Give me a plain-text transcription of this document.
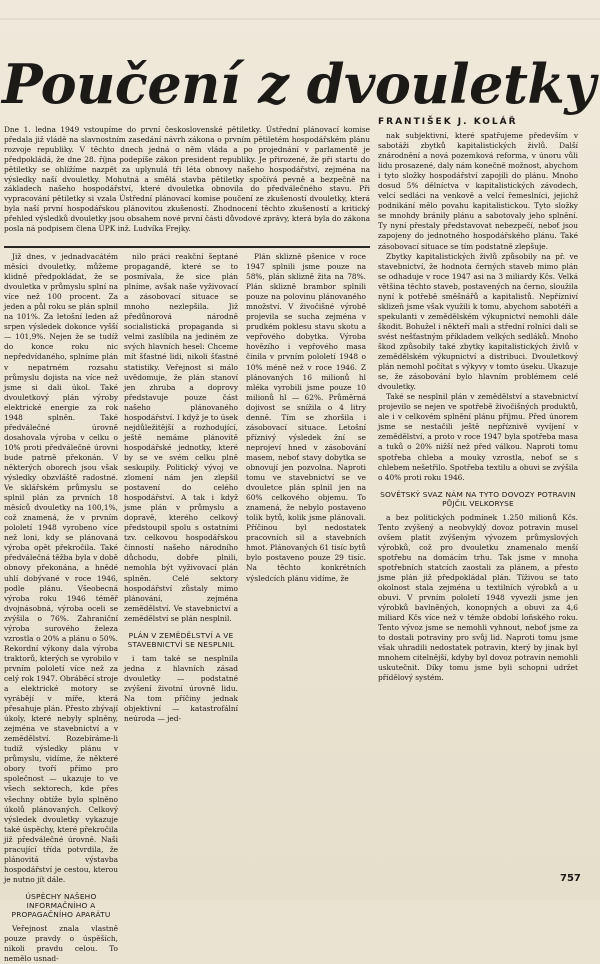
Poučení z dvouletky
Dne 1. ledna 1949 vstoupíme do první československé pětiletky. Ústřední plánovací komise předala již vládě na slavnostním zasedání návrh zákona o prvním pětiletém hospodářském plánu rozvoje republiky. V těchto dnech jedná o něm vláda a po projednání v parlamentě je předpokládá, že dne 28. října podepíše zákon president republiky. Je přirozené, že při startu do pětiletky se ohlížíme nazpět za uplynulá tři léta obnovy našeho hospodářství, zejména na výsledky naší dvouletky. Mohutná a smělá stavba pětiletky spočívá pevně a bezpečně na základech našeho hospodářství, které dvouletka obnovila do předválečného stavu. Při vypracování pětiletky si vzala Ústřední plánovací komise poučení ze zkušeností dvouletky, která byla naší první hospodářskou plánovitou zkušeností. Zhodnocení těchto zkušeností a kritický přehled výsledků dvouletky jsou obsahem nové první části důvodové zprávy, která byla do zákona posla ná podpisem člena ÚPK inž. Ludvíka Frejky.
FRANTIŠEK J. KOLÁŘ

Již dnes, v jednadvacátém měsíci dvouletky, můžeme klidně předpokládat, že se dvouletka v průmyslu splní na více než 100 procent. Za jeden a půl roku se plán splnil na 101%. Za letošní leden až srpen výsledek dokonce vyšší — 101,9%. Nejen že se tudíž do konce roku nic nepředvídaného, splníme plán v nepatrném rozsahu průmyslu dojista na více než jsme si dali úkol. Také dvouletkový plán výroby elektrické energie za rok 1948 splněn. Také předválečné úrovně dosahovala výroba v celku o 10% proti předválečné úrovni bude patrně překonán. V některých oborech jsou však výsledky obzvláště radostné. Ve sklářském průmyslu se splnil plán za prvních 18 měsíců dvouletky na 100,1%, což znamená, že v prvním pololetí 1948 vyrobeno více než loni, kdy se plánovaná výroba opět překročila. Také předválečná těžba byla v době obnovy překonána, a hnědé uhlí dobývané v roce 1946, podle plánu. Všeobecná výroba roku 1946 téměř dvojnásobná, výroba oceli se zvýšila o 76%. Zahraniční výroba surového železa vzrostla o 20% a plánu o 50%. Rekordní výkony dala výroba traktorů, kterých se vyrobilo v prvním pololetí více než za celý rok 1947. Obráběcí stroje a elektrické motory se vyrábějí v míře, která přesahuje plán. Přesto zbývají úkoly, které nebyly splněny, zejména ve stavebnictví a v zemědělství. Rozebíráme-li tudíž výsledky plánu v průmyslu, vidíme, že některé obory tvoří přímo pro společnost — ukazuje to ve všech sektorech, kde přes všechny obtíže bylo splněno úkolů plánovaných. Celkový výsledek dvouletky vykazuje také úspěchy, které překročila již předválečné úrovně. Naši pracující třída potvrdila, že plánovitá výstavba hospodářství je cestou, kterou je nutno jít dále.

ÚSPĚCHY NAŠEHO INFORMAČNÍHO A PROPAGAČNÍHO APARÁTU

Veřejnost znala vlastně pouze pravdy o úspěších, nikoli pravdu celou. To nemělo usnad-

nilo práci reakční šeptané propagandě, které se to posmívala, že sice plán plníme, avšak naše vyživovací a zásobovací situace se mnoho nezlepšila. Již předůnorová národně socialistická propaganda si velmi zaslíbila na jediném ze svých hlavních hesel: Chceme mít šťastné lidi, nikoli šťastné statistiky. Veřejnost si málo uvědomuje, že plán stanoví jen zhruba a doprovy představuje pouze část našeho plánovaného hospodářství. I když je to úsek nejdůležitější a rozhodující, ještě nemáme plánovitě hospodářské jednotky, které by se ve svém celku plně seskupily. Politický vývoj ve zlomení nám jen zlepšil postavení do celého hospodářství. A tak i když jsme plán v průmyslu a dopravě, kterého celkový předstoupil spolu s ostatními tzv. celkovou hospodářskou činností našeho národního důchodu, dobře plnili, nemohla být vyživovací plán splněn. Celé sektory hospodářství zůstaly mimo plánování, zejména zemědělství. Ve stavebnictví a zemědělství se plán nesplnil.

PLÁN V ZEMĚDĚLSTVÍ A VE STAVEBNICTVÍ SE NESPLNIL

i tam také se nesplnila jedna z hlavních zásad dvouletky — podstatné zvýšení životní úrovně lidu. Na tom příčiny jednak objektivní — katastrofální neúroda — jed-

Plán sklizně pšenice v roce 1947 splnili jsme pouze na 58%, plán sklizně žita na 78%. Plán sklizně brambor splnili pouze na polovinu plánovaného množství. V živočišné výrobě projevila se sucha zejména v prudkém poklesu stavu skotu a vepřového dobytka. Výroba hovězího i vepřového masa činila v prvním pololetí 1948 o 10% méně než v roce 1946. Z plánovaných 16 milionů hl mléka vyrobili jsme pouze 10 milionů hl — 62%. Průměrná dojivost se snížila o 4 litry denně. Tím se zhoršila i zásobovací situace. Letošní příznivý výsledek žní se neprojeví hned v zásobování masem, neboť stavy dobytka se obnovují jen pozvolna. Naproti tomu ve stavebnictví se ve dvouletce plán splnil jen na 60% celkového objemu. To znamená, že nebylo postaveno tolik bytů, kolik jsme plánovali. Příčinou byl nedostatek pracovních sil a stavebních hmot. Plánovaných 61 tisíc bytů bylo postaveno pouze 29 tisíc. Na těchto konkrétních výsledcích plánu vidíme, že

nak subjektivní, které spatřujeme především v sabotáži zbytků kapitalistických živlů. Další znárodnění a nová pozemková reforma, v únoru vůli lidu prosazené, daly nám konečně možnost, abychom i tyto složky hospodářství zapojili do plánu. Mnoho dosud 5% dělníctva v kapitalistických závodech, velcí sedláci na venkově a velcí řemeslníci, jejichž podnikání mělo povahu kapitalistickou. Tyto složky se mnohdy bránily plánu a sabotovaly jeho splnění. Ty nyní přestaly představovat nebezpečí, neboť jsou zapojeny do jednotného hospodářského plánu. Také zásobovací situace se tím podstatně zlepšuje.

Zbytky kapitalistických živlů způsobily na př. ve stavebnictví, že hodnota černých staveb mimo plán se odhaduje v roce 1947 asi na 3 miliardy Kčs. Velká většina těchto staveb, postavených na černo, sloužila nyní k potřebě směšnářů a kapitalistů. Nepřízniví sklizeň jsme však využili k tomu, abychom sabotéři a spekulanti v zemědělském výkupnictví nemohli dále škodit. Bohužel i někteří mali a střední rolníci dali se svést nešťastným příkladem velkých sedláků. Mnoho škod způsobily také zbytky kapitalistických živlů v zemědělském výkupnictví a distribuci. Dvouletkový plán nemohl počítat s výkyvy v tomto úseku. Ukazuje se, že zásobování bylo hlavním problémem celé dvouletky.

Také se nesplnil plán v zemědělství a stavebnictví projevilo se nejen ve spotřebě živočišných produktů, ale i v celkovém splnění plánu příjmu. Před únorem jsme se nestačili ještě nepříznivě vyvíjení v zemědělství, a proto v roce 1947 byla spotřeba masa a tuků o 20% nižší než před válkou. Naproti tomu spotřeba chleba a mouky vzrostla, neboť se s chlebem nešetřilo. Spotřeba textilu a obuvi se zvýšila o 40% proti roku 1946.

SOVĚTSKÝ SVAZ NÁM NA TYTO DOVOZY POTRAVIN PŮJČIL VELKORYSE

a bez politických podmínek 1.250 milionů Kčs. Tento zvýšený a neobvyklý dovoz potravin musel ovšem platit zvýšeným vývozem průmyslových výrobků, což pro dvouletku znamenalo menší spotřebu na domácím trhu. Tak jsme v mnoha spotřebních statcích zaostali za plánem, a přesto jsme plán již předpokládal plán. Tíživou se tato okolnost stala zejména u textilních výrobků a u obuvi. V prvním pololetí 1948 vyvezli jsme jen výrobků bavlněných, konopných a obuvi za 4,6 miliard Kčs více než v témže období loňského roku. Tento vývoz jsme se nemohli vyhnout, neboť jsme za to dostali potraviny pro svůj lid. Naproti tomu jsme však uhradili nedostatek potravin, který by jinak byl mnohem citelnější, kdyby byl dovoz potravin nemohli uskutečnit. Díky tomu jsme byli schopni udržet přídělový systém.

757
